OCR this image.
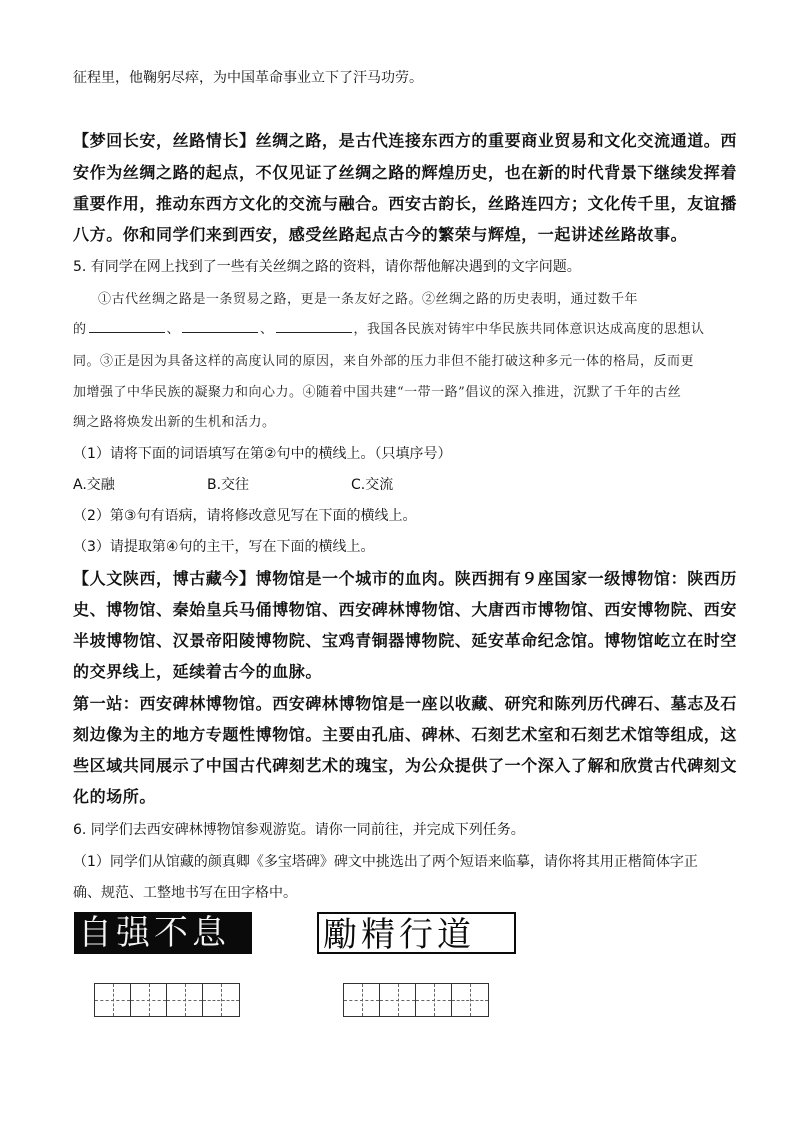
征程里，他鞠躬尽瘁，为中国革命事业立下了汗马功劳。
【梦回长安，丝路情长】丝绸之路，是古代连接东西方的重要商业贸易和文化交流通道。西
安作为丝绸之路的起点，不仅见证了丝绸之路的辉煌历史，也在新的时代背景下继续发挥着
重要作用，推动东西方文化的交流与融合。西安古韵长，丝路连四方；文化传千里，友谊播
八方。你和同学们来到西安，感受丝路起点古今的繁荣与辉煌，一起讲述丝路故事。
5. 有同学在网上找到了一些有关丝绸之路的资料，请你帮他解决遇到的文字问题。
①古代丝绸之路是一条贸易之路，更是一条友好之路。②丝绸之路的历史表明，通过数千年
的	、	、	，我国各民族对铸牢中华民族共同体意识达成高度的思想认
同。③正是因为具备这样的高度认同的原因，来自外部的压力非但不能打破这种多元一体的格局，反而更
加增强了中华民族的凝聚力和向心力。④随着中国共建“一带一路”倡议的深入推进，沉默了千年的古丝
绸之路将焕发出新的生机和活力。
（1）请将下面的词语填写在第②句中的横线上。（只填序号）
A.交融	B.交往	C.交流
（2）第③句有语病，请将修改意见写在下面的横线上。
（3）请提取第④句的主干，写在下面的横线上。
【人文陕西，博古藏今】博物馆是一个城市的血肉。陕西拥有９座国家一级博物馆：陕西历
史、博物馆、秦始皇兵马俑博物馆、西安碑林博物馆、大唐西市博物馆、西安博物院、西安
半坡博物馆、汉景帝阳陵博物院、宝鸡青铜器博物院、延安革命纪念馆。博物馆屹立在时空
的交界线上，延续着古今的血脉。
第一站：西安碑林博物馆。西安碑林博物馆是一座以收藏、研究和陈列历代碑石、墓志及石
刻边像为主的地方专题性博物馆。主要由孔庙、碑林、石刻艺术室和石刻艺术馆等组成，这
些区域共同展示了中国古代碑刻艺术的瑰宝，为公众提供了一个深入了解和欣赏古代碑刻文
化的场所。
6. 同学们去西安碑林博物馆参观游览。请你一同前往，并完成下列任务。
（1）同学们从馆藏的颜真卿《多宝塔碑》碑文中挑选出了两个短语来临摹，请你将其用正楷简体字正
确、规范、工整地书写在田字格中。
自强不息	勵精行道
